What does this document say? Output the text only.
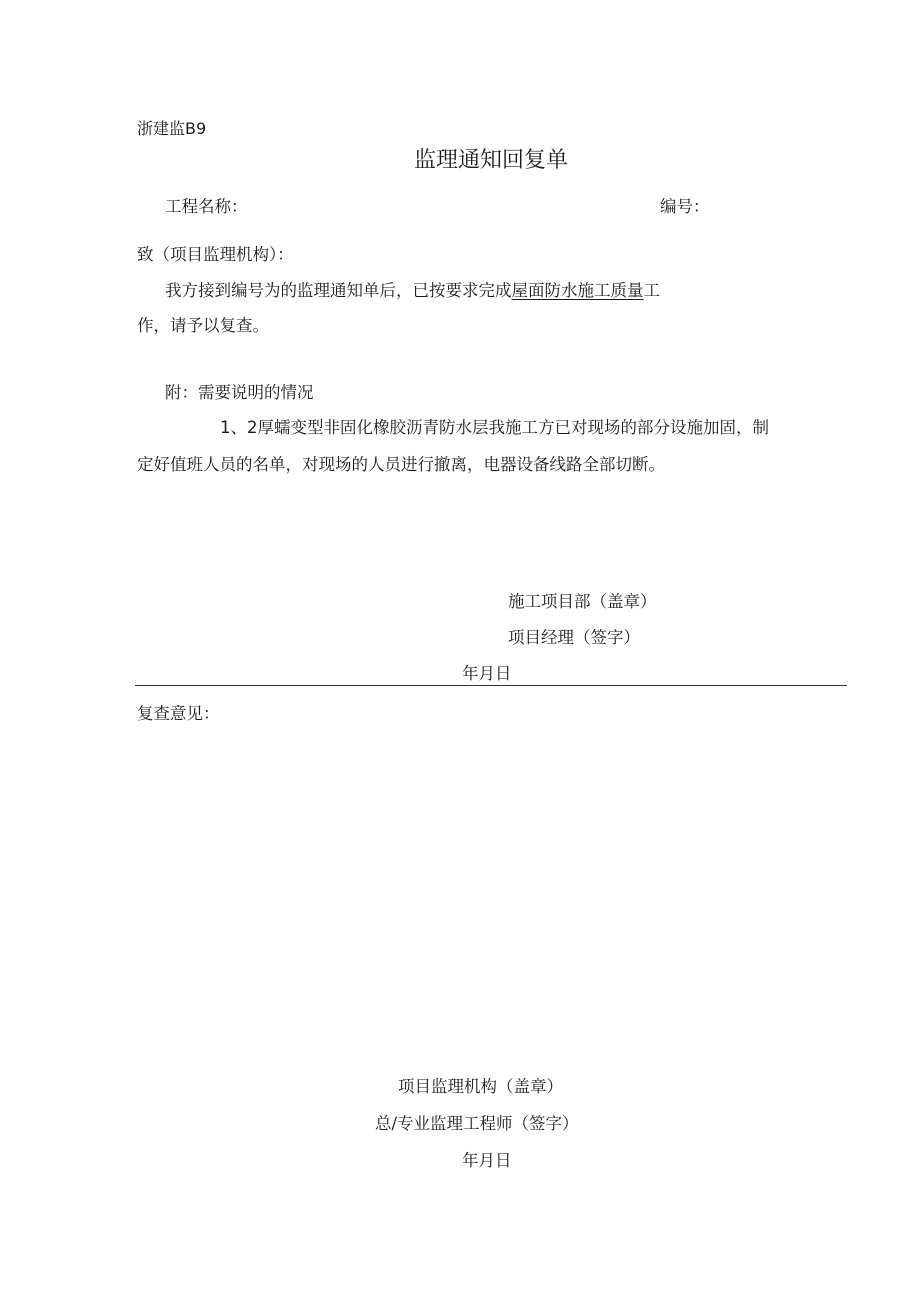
浙建监B9
监理通知回复单
工程名称：	编号：
致（项目监理机构）：
我方接到编号为的监理通知单后，已按要求完成屋面防水施工质量工
作，请予以复查。
附：需要说明的情况
1、2厚蠕变型非固化橡胶沥青防水层我施工方已对现场的部分设施加固，制
定好值班人员的名单，对现场的人员进行撤离，电器设备线路全部切断。
施工项目部（盖章）
项目经理（签字）
年月日
复查意见：
项目监理机构（盖章）
总/专业监理工程师（签字）
年月日
